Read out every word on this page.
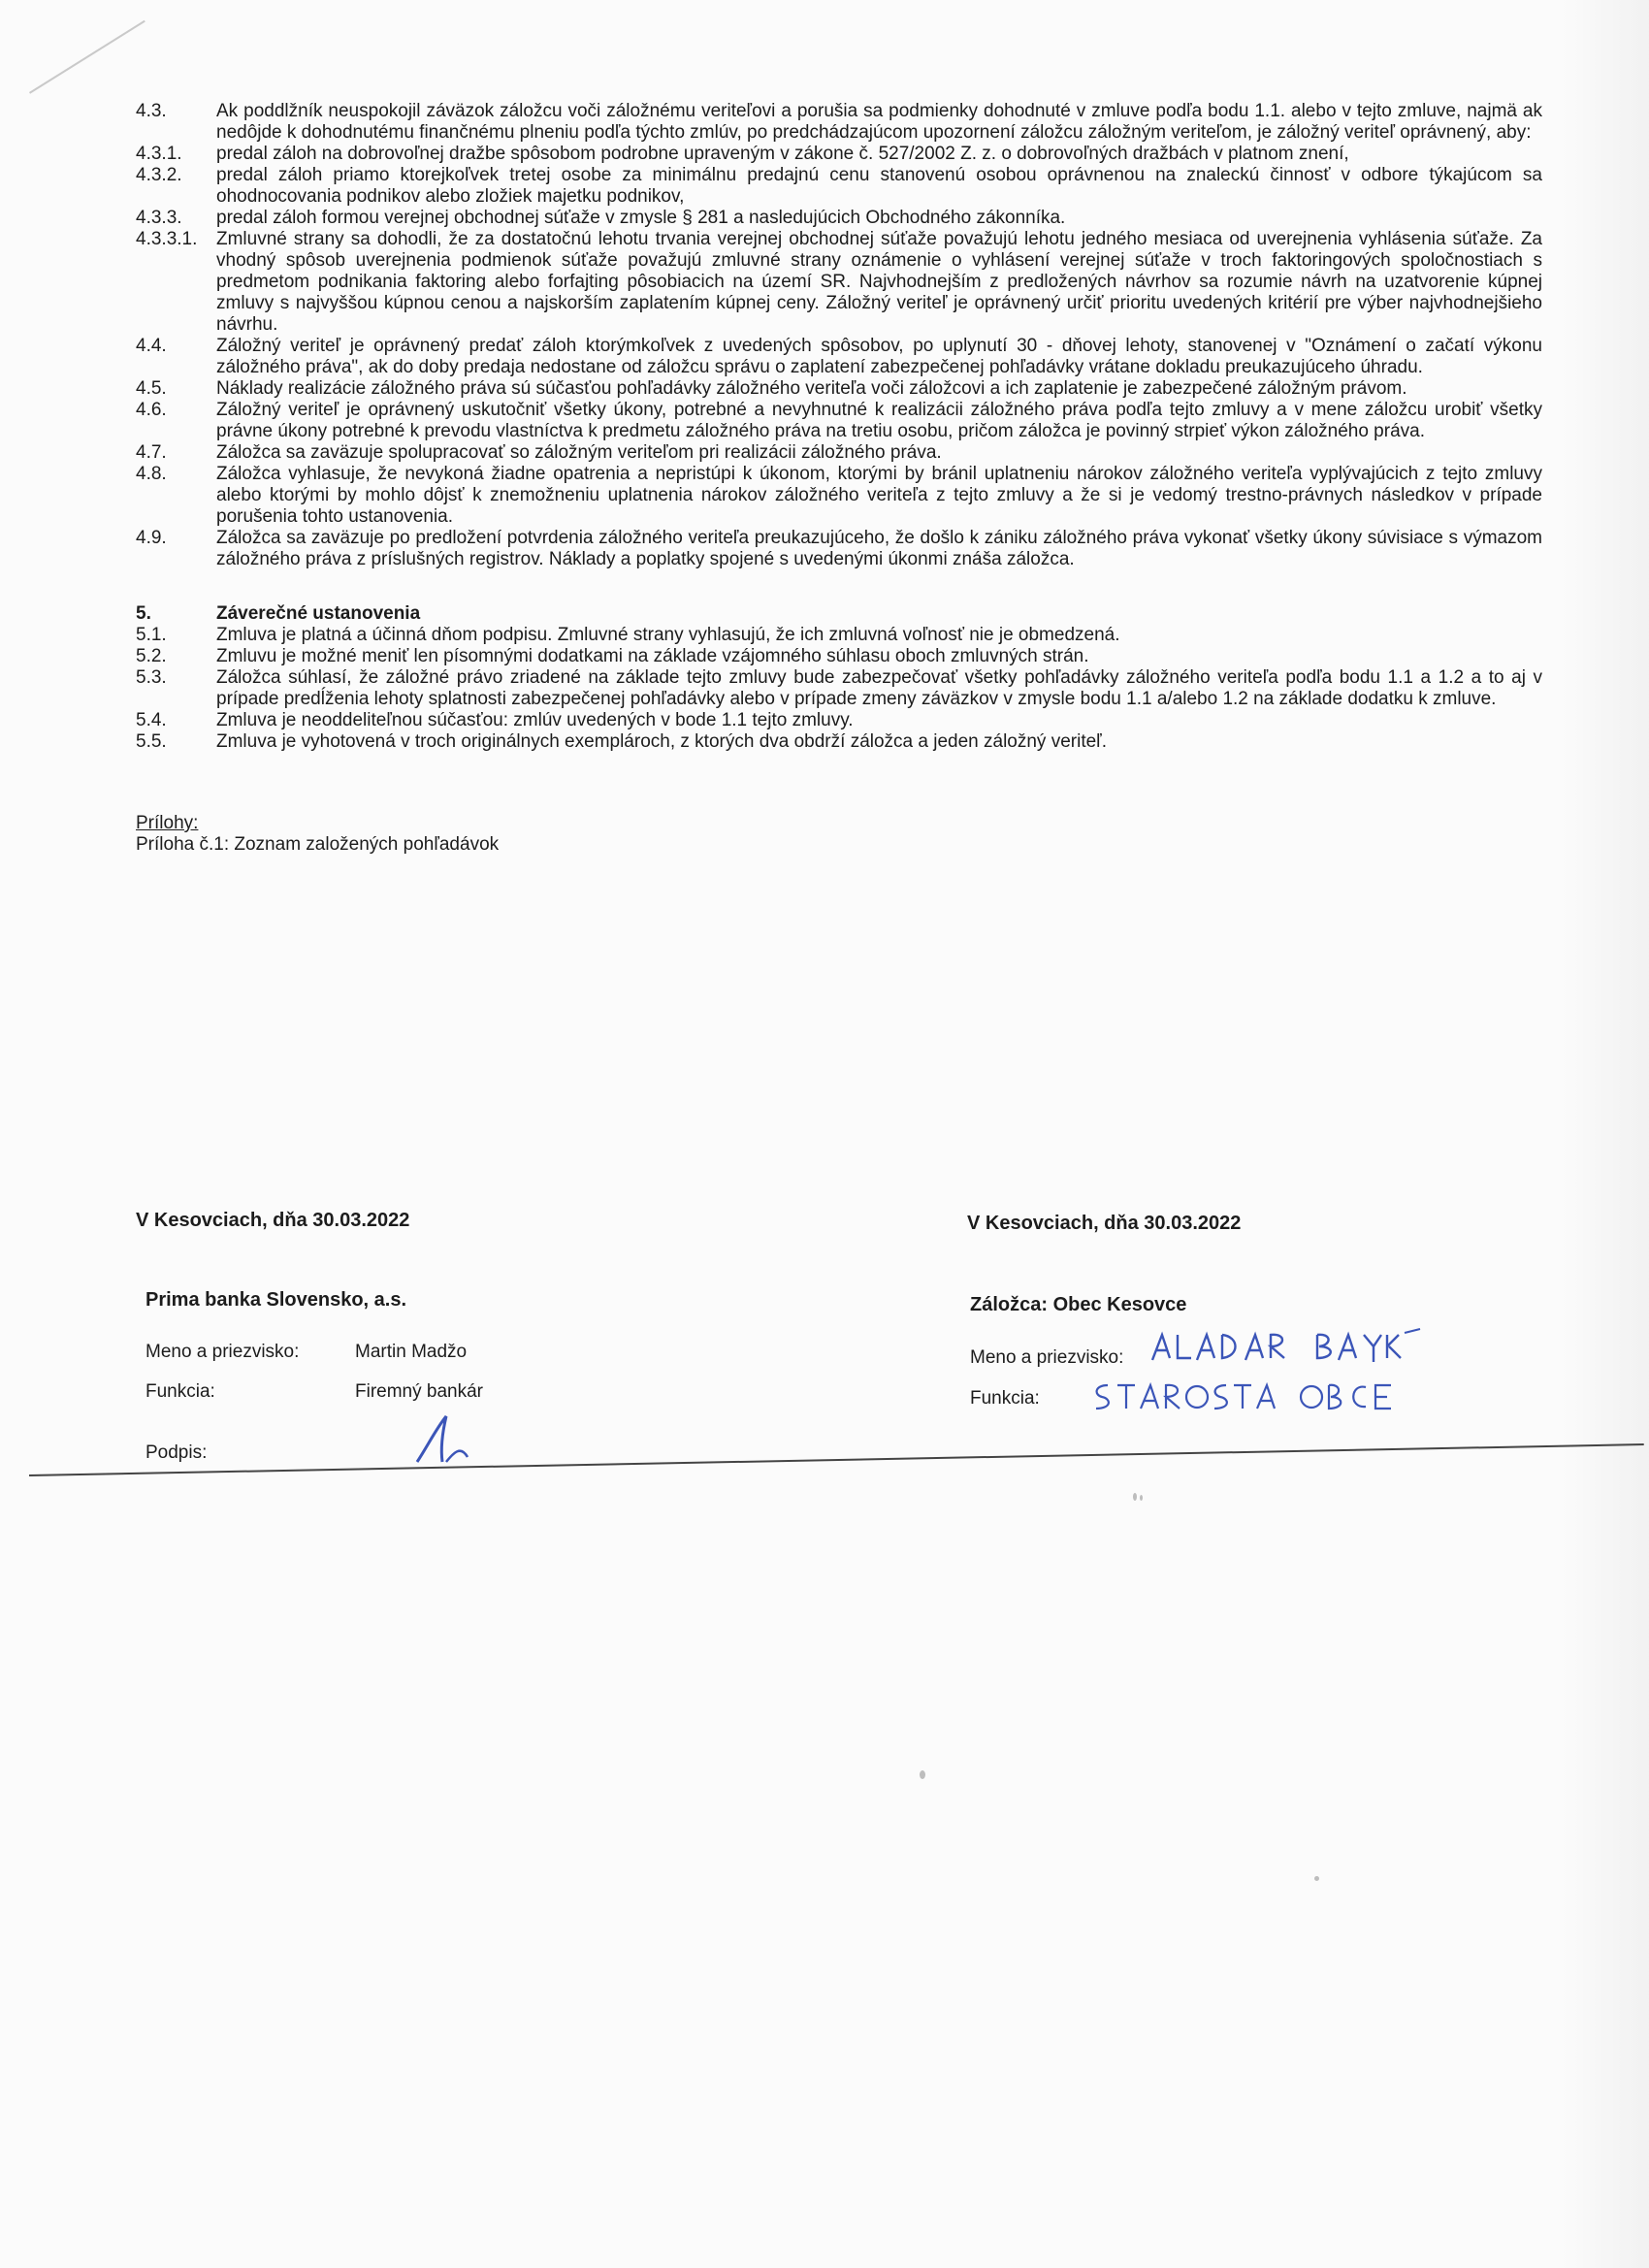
4.3.	Ak poddlžník neuspokojil záväzok záložcu voči záložnému veriteľovi a porušia sa podmienky dohodnuté v zmluve podľa bodu 1.1. alebo v tejto zmluve, najmä ak nedôjde k dohodnutému finančnému plneniu podľa týchto zmlúv, po predchádzajúcom upozornení záložcu záložným veriteľom, je záložný veriteľ oprávnený, aby:
4.3.1. predal záloh na dobrovoľnej dražbe spôsobom podrobne upraveným v zákone č. 527/2002 Z. z. o dobrovoľných dražbách v platnom znení,
4.3.2. predal záloh priamo ktorejkoľvek tretej osobe za minimálnu predajnú cenu stanovenú osobou oprávnenou na znaleckú činnosť v odbore týkajúcom sa ohodnocovania podnikov alebo zložiek majetku podnikov,
4.3.3. predal záloh formou verejnej obchodnej súťaže v zmysle § 281 a nasledujúcich Obchodného zákonníka.
4.3.3.1. Zmluvné strany sa dohodli, že za dostatočnú lehotu trvania verejnej obchodnej súťaže považujú lehotu jedného mesiaca od uverejnenia vyhlásenia súťaže. Za vhodný spôsob uverejnenia podmienok súťaže považujú zmluvné strany oznámenie o vyhlásení verejnej súťaže v troch faktoringových spoločnostiach s predmetom podnikania faktoring alebo forfajting pôsobiacich na území SR. Najvhodnejším z predložených návrhov sa rozumie návrh na uzatvorenie kúpnej zmluvy s najvyššou kúpnou cenou a najskorším zaplatením kúpnej ceny. Záložný veriteľ je oprávnený určiť prioritu uvedených kritérií pre výber najvhodnejšieho návrhu.
4.4.	Záložný veriteľ je oprávnený predať záloh ktorýmkoľvek z uvedených spôsobov, po uplynutí 30 - dňovej lehoty, stanovenej v "Oznámení o začatí výkonu záložného práva", ak do doby predaja nedostane od záložcu správu o zaplatení zabezpečenej pohľadávky vrátane dokladu preukazujúceho úhradu.
4.5.	Náklady realizácie záložného práva sú súčasťou pohľadávky záložného veriteľa voči záložcovi a ich zaplatenie je zabezpečené záložným právom.
4.6.	Záložný veriteľ je oprávnený uskutočniť všetky úkony, potrebné a nevyhnutné k realizácii záložného práva podľa tejto zmluvy a v mene záložcu urobiť všetky právne úkony potrebné k prevodu vlastníctva k predmetu záložného práva na tretiu osobu, pričom záložca je povinný strpieť výkon záložného práva.
4.7.	Záložca sa zaväzuje spolupracovať so záložným veriteľom pri realizácii záložného práva.
4.8.	Záložca vyhlasuje, že nevykoná žiadne opatrenia a nepristúpi k úkonom, ktorými by bránil uplatneniu nárokov záložného veriteľa vyplývajúcich z tejto zmluvy alebo ktorými by mohlo dôjsť k znemožneniu uplatnenia nárokov záložného veriteľa z tejto zmluvy a že si je vedomý trestno-právnych následkov v prípade porušenia tohto ustanovenia.
4.9.	Záložca sa zaväzuje po predložení potvrdenia záložného veriteľa preukazujúceho, že došlo k zániku záložného práva vykonať všetky úkony súvisiace s výmazom záložného práva z príslušných registrov. Náklady a poplatky spojené s uvedenými úkonmi znáša záložca.
5.	Záverečné ustanovenia
5.1.	Zmluva je platná a účinná dňom podpisu. Zmluvné strany vyhlasujú, že ich zmluvná voľnosť nie je obmedzená.
5.2.	Zmluvu je možné meniť len písomnými dodatkami na základe vzájomného súhlasu oboch zmluvných strán.
5.3.	Záložca súhlasí, že záložné právo zriadené na základe tejto zmluvy bude zabezpečovať všetky pohľadávky záložného veriteľa podľa bodu 1.1 a 1.2 a to aj v prípade predĺženia lehoty splatnosti zabezpečenej pohľadávky alebo v prípade zmeny záväzkov v zmysle bodu 1.1 a/alebo 1.2 na základe dodatku k zmluve.
5.4.	Zmluva je neoddeliteľnou súčasťou: zmlúv uvedených v bode 1.1 tejto zmluvy.
5.5.	Zmluva je vyhotovená v troch originálnych exemplároch, z ktorých dva obdrží záložca a jeden záložný veriteľ.
Prílohy:
Príloha č.1: Zoznam založených pohľadávok
V Kesovciach, dňa 30.03.2022	V Kesovciach, dňa 30.03.2022
Prima banka Slovensko, a.s.	Záložca: Obec Kesovce
Meno a priezvisko:	Martin Madžo
Funkcia:	Firemný bankár
Podpis:
Meno a priezvisko:
Funkcia:
